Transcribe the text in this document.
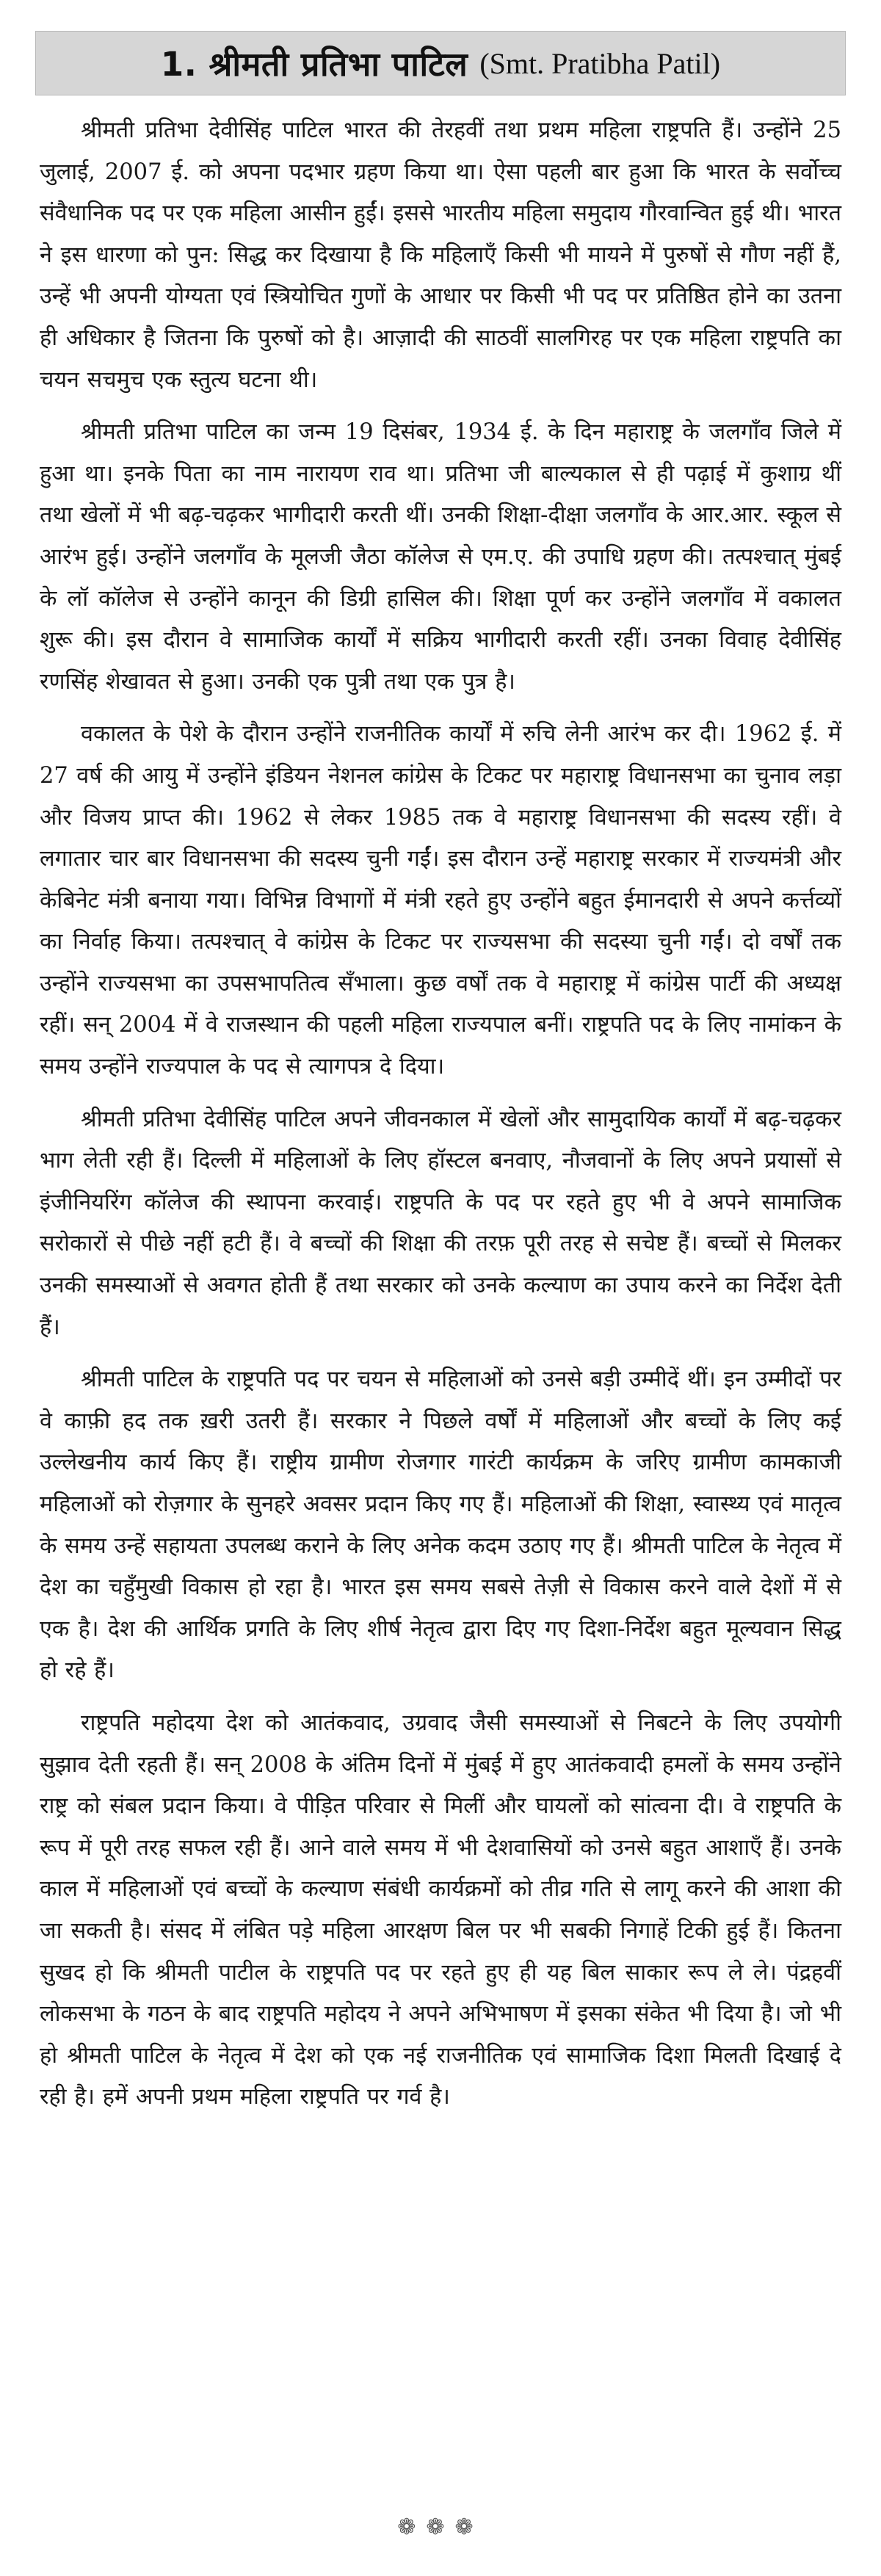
1. श्रीमती प्रतिभा पाटिल (Smt. Pratibha Patil)

श्रीमती प्रतिभा देवीसिंह पाटिल भारत की तेरहवीं तथा प्रथम महिला राष्ट्रपति हैं। उन्होंने 25 जुलाई, 2007 ई. को अपना पदभार ग्रहण किया था। ऐसा पहली बार हुआ कि भारत के सर्वोच्च संवैधानिक पद पर एक महिला आसीन हुईं। इससे भारतीय महिला समुदाय गौरवान्वित हुई थी। भारत ने इस धारणा को पुन: सिद्ध कर दिखाया है कि महिलाएँ किसी भी मायने में पुरुषों से गौण नहीं हैं, उन्हें भी अपनी योग्यता एवं स्त्रियोचित गुणों के आधार पर किसी भी पद पर प्रतिष्ठित होने का उतना ही अधिकार है जितना कि पुरुषों को है। आज़ादी की साठवीं सालगिरह पर एक महिला राष्ट्रपति का चयन सचमुच एक स्तुत्य घटना थी।

श्रीमती प्रतिभा पाटिल का जन्म 19 दिसंबर, 1934 ई. के दिन महाराष्ट्र के जलगाँव जिले में हुआ था। इनके पिता का नाम नारायण राव था। प्रतिभा जी बाल्यकाल से ही पढ़ाई में कुशाग्र थीं तथा खेलों में भी बढ़-चढ़कर भागीदारी करती थीं। उनकी शिक्षा-दीक्षा जलगाँव के आर.आर. स्कूल से आरंभ हुई। उन्होंने जलगाँव के मूलजी जैठा कॉलेज से एम.ए. की उपाधि ग्रहण की। तत्पश्चात् मुंबई के लॉ कॉलेज से उन्होंने कानून की डिग्री हासिल की। शिक्षा पूर्ण कर उन्होंने जलगाँव में वकालत शुरू की। इस दौरान वे सामाजिक कार्यों में सक्रिय भागीदारी करती रहीं। उनका विवाह देवीसिंह रणसिंह शेखावत से हुआ। उनकी एक पुत्री तथा एक पुत्र है।

वकालत के पेशे के दौरान उन्होंने राजनीतिक कार्यों में रुचि लेनी आरंभ कर दी। 1962 ई. में 27 वर्ष की आयु में उन्होंने इंडियन नेशनल कांग्रेस के टिकट पर महाराष्ट्र विधानसभा का चुनाव लड़ा और विजय प्राप्त की। 1962 से लेकर 1985 तक वे महाराष्ट्र विधानसभा की सदस्य रहीं। वे लगातार चार बार विधानसभा की सदस्य चुनी गईं। इस दौरान उन्हें महाराष्ट्र सरकार में राज्यमंत्री और केबिनेट मंत्री बनाया गया। विभिन्न विभागों में मंत्री रहते हुए उन्होंने बहुत ईमानदारी से अपने कर्त्तव्यों का निर्वाह किया। तत्पश्चात् वे कांग्रेस के टिकट पर राज्यसभा की सदस्या चुनी गईं। दो वर्षों तक उन्होंने राज्यसभा का उपसभापतित्व सँभाला। कुछ वर्षों तक वे महाराष्ट्र में कांग्रेस पार्टी की अध्यक्ष रहीं। सन् 2004 में वे राजस्थान की पहली महिला राज्यपाल बनीं। राष्ट्रपति पद के लिए नामांकन के समय उन्होंने राज्यपाल के पद से त्यागपत्र दे दिया।

श्रीमती प्रतिभा देवीसिंह पाटिल अपने जीवनकाल में खेलों और सामुदायिक कार्यों में बढ़-चढ़कर भाग लेती रही हैं। दिल्ली में महिलाओं के लिए हॉस्टल बनवाए, नौजवानों के लिए अपने प्रयासों से इंजीनियरिंग कॉलेज की स्थापना करवाई। राष्ट्रपति के पद पर रहते हुए भी वे अपने सामाजिक सरोकारों से पीछे नहीं हटी हैं। वे बच्चों की शिक्षा की तरफ़ पूरी तरह से सचेष्ट हैं। बच्चों से मिलकर उनकी समस्याओं से अवगत होती हैं तथा सरकार को उनके कल्याण का उपाय करने का निर्देश देती हैं।

श्रीमती पाटिल के राष्ट्रपति पद पर चयन से महिलाओं को उनसे बड़ी उम्मीदें थीं। इन उम्मीदों पर वे काफ़ी हद तक ख़री उतरी हैं। सरकार ने पिछले वर्षों में महिलाओं और बच्चों के लिए कई उल्लेखनीय कार्य किए हैं। राष्ट्रीय ग्रामीण रोजगार गारंटी कार्यक्रम के जरिए ग्रामीण कामकाजी महिलाओं को रोज़गार के सुनहरे अवसर प्रदान किए गए हैं। महिलाओं की शिक्षा, स्वास्थ्य एवं मातृत्व के समय उन्हें सहायता उपलब्ध कराने के लिए अनेक कदम उठाए गए हैं। श्रीमती पाटिल के नेतृत्व में देश का चहुँमुखी विकास हो रहा है। भारत इस समय सबसे तेज़ी से विकास करने वाले देशों में से एक है। देश की आर्थिक प्रगति के लिए शीर्ष नेतृत्व द्वारा दिए गए दिशा-निर्देश बहुत मूल्यवान सिद्ध हो रहे हैं।

राष्ट्रपति महोदया देश को आतंकवाद, उग्रवाद जैसी समस्याओं से निबटने के लिए उपयोगी सुझाव देती रहती हैं। सन् 2008 के अंतिम दिनों में मुंबई में हुए आतंकवादी हमलों के समय उन्होंने राष्ट्र को संबल प्रदान किया। वे पीड़ित परिवार से मिलीं और घायलों को सांत्वना दी। वे राष्ट्रपति के रूप में पूरी तरह सफल रही हैं। आने वाले समय में भी देशवासियों को उनसे बहुत आशाएँ हैं। उनके काल में महिलाओं एवं बच्चों के कल्याण संबंधी कार्यक्रमों को तीव्र गति से लागू करने की आशा की जा सकती है। संसद में लंबित पड़े महिला आरक्षण बिल पर भी सबकी निगाहें टिकी हुई हैं। कितना सुखद हो कि श्रीमती पाटील के राष्ट्रपति पद पर रहते हुए ही यह बिल साकार रूप ले ले। पंद्रहवीं लोकसभा के गठन के बाद राष्ट्रपति महोदय ने अपने अभिभाषण में इसका संकेत भी दिया है। जो भी हो श्रीमती पाटिल के नेतृत्व में देश को एक नई राजनीतिक एवं सामाजिक दिशा मिलती दिखाई दे रही है। हमें अपनी प्रथम महिला राष्ट्रपति पर गर्व है।

❁❁❁
